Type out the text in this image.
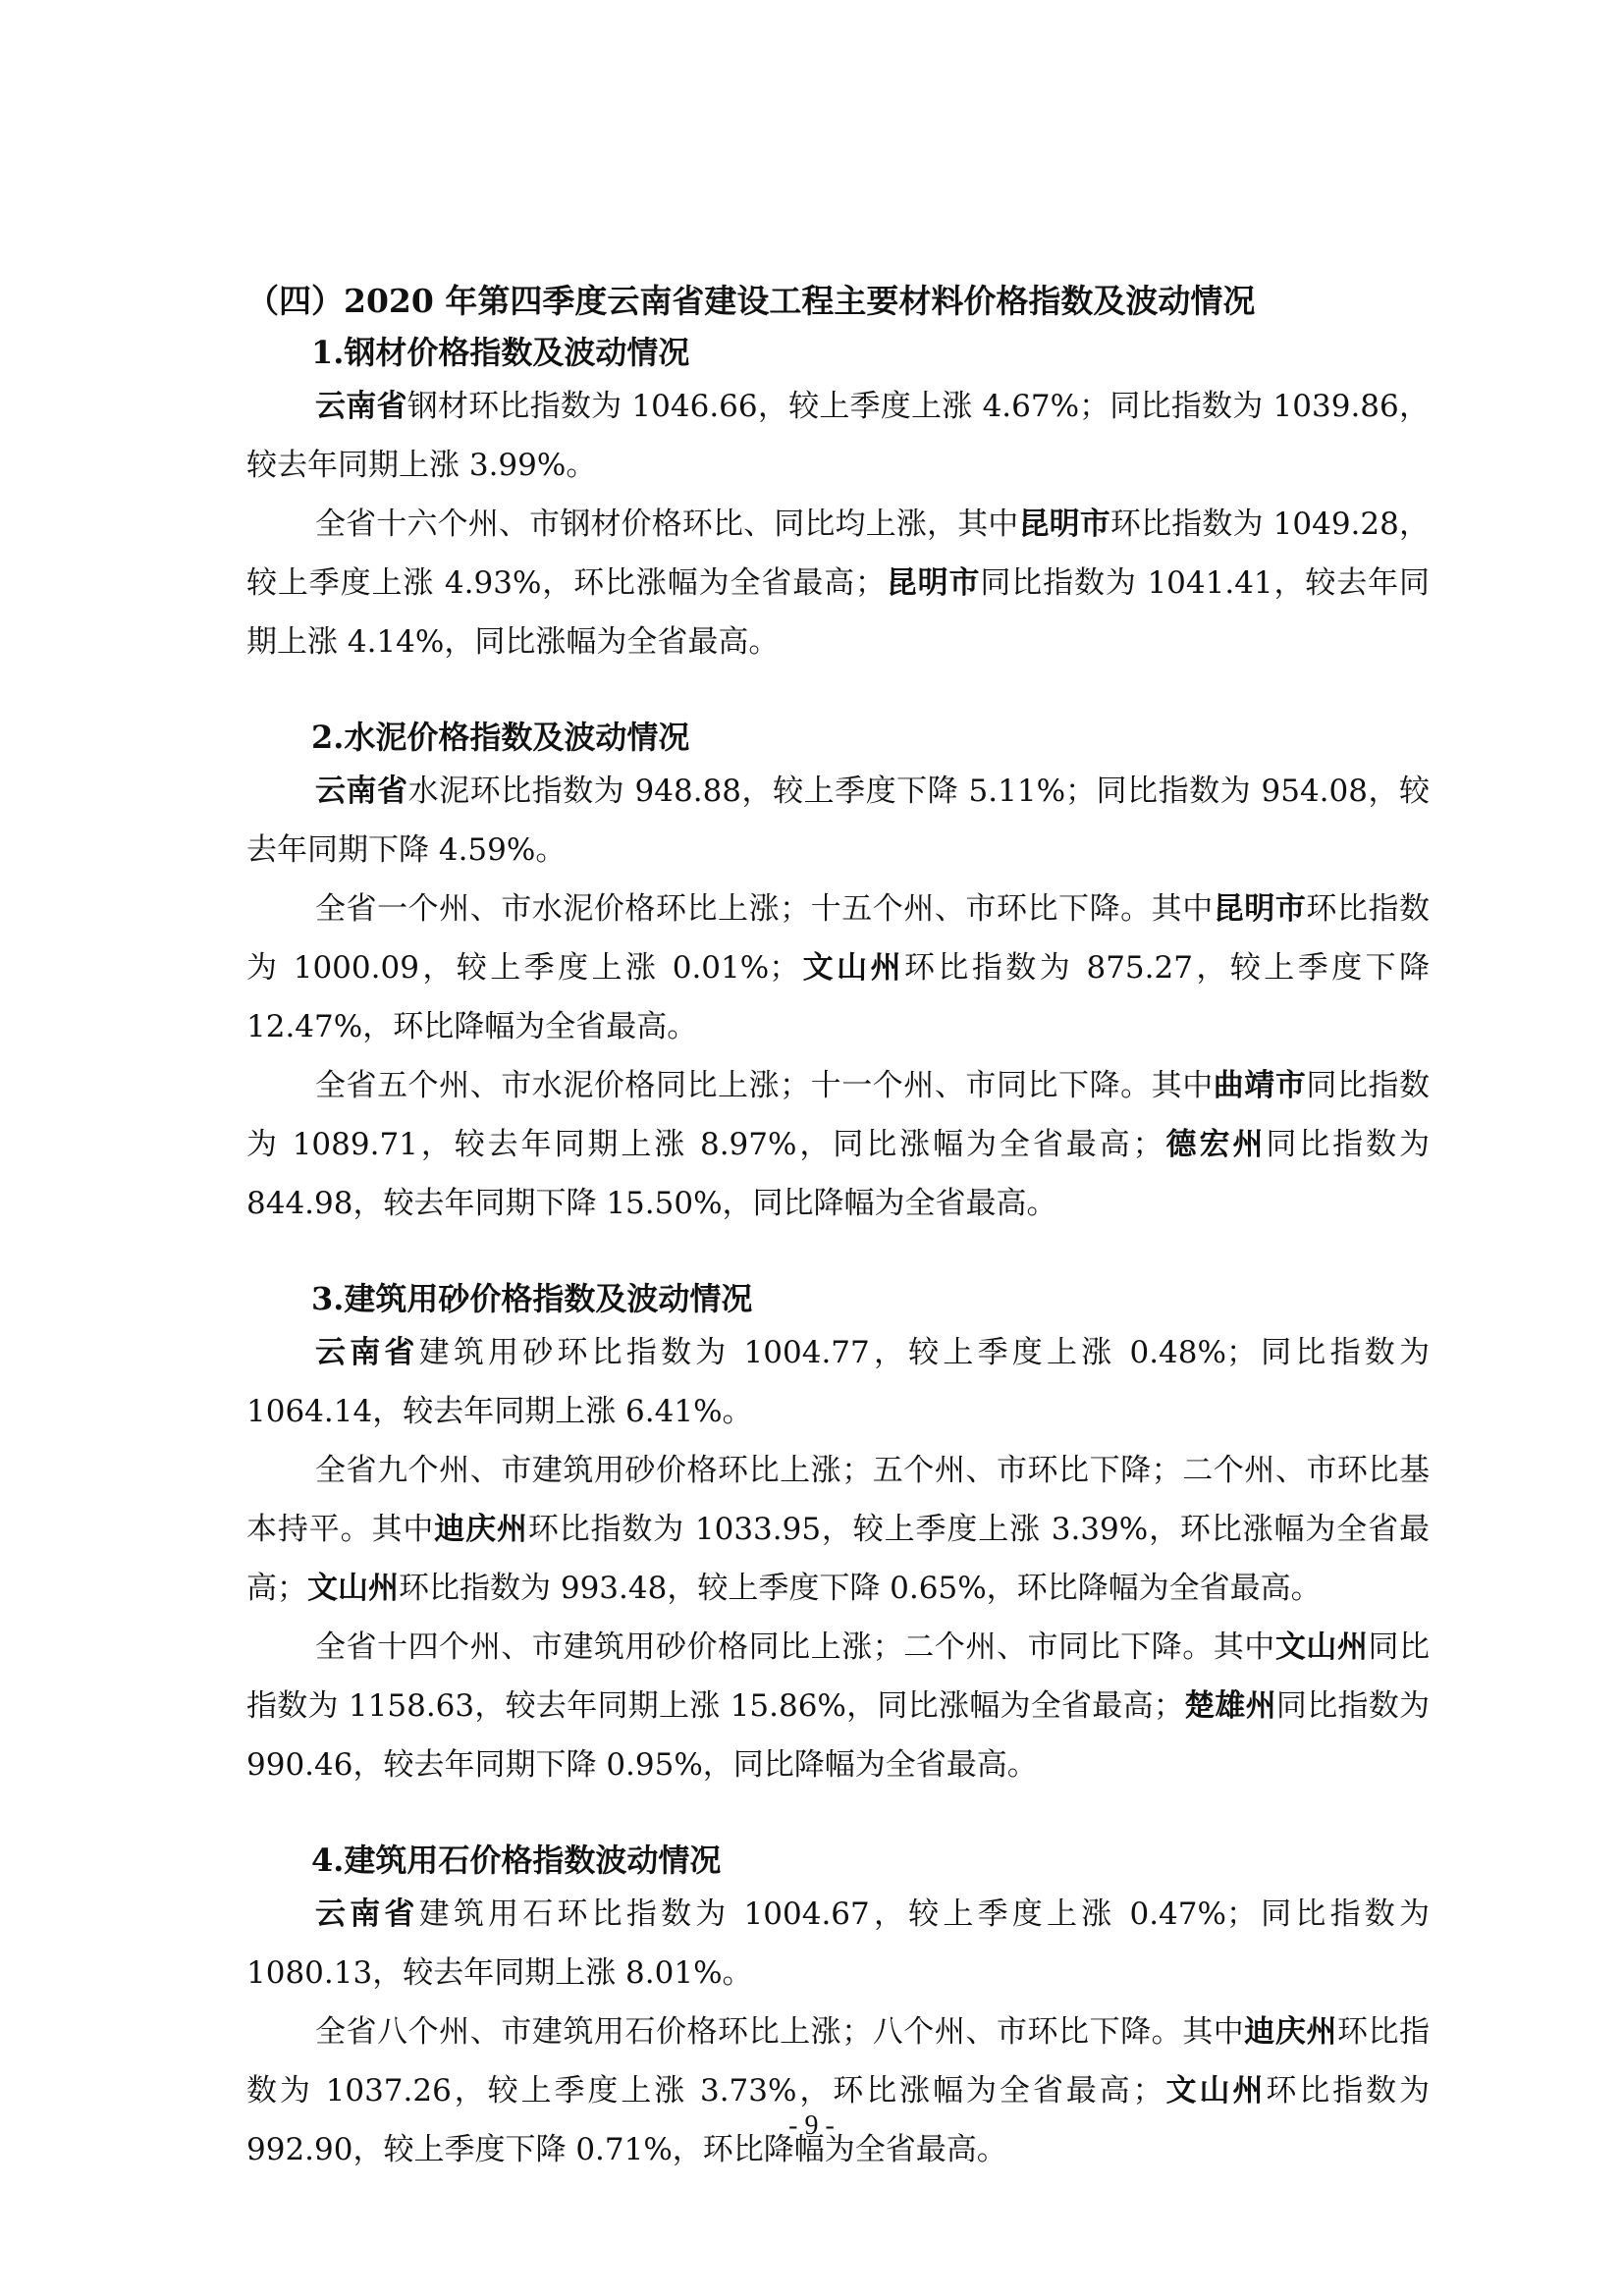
（四）2020 年第四季度云南省建设工程主要材料价格指数及波动情况
1.钢材价格指数及波动情况

云南省钢材环比指数为 1046.66，较上季度上涨 4.67%；同比指数为 1039.86，较去年同期上涨 3.99%。

全省十六个州、市钢材价格环比、同比均上涨，其中昆明市环比指数为 1049.28，较上季度上涨 4.93%，环比涨幅为全省最高；昆明市同比指数为 1041.41，较去年同期上涨 4.14%，同比涨幅为全省最高。

2.水泥价格指数及波动情况

云南省水泥环比指数为 948.88，较上季度下降 5.11%；同比指数为 954.08，较去年同期下降 4.59%。

全省一个州、市水泥价格环比上涨；十五个州、市环比下降。其中昆明市环比指数为 1000.09，较上季度上涨 0.01%；文山州环比指数为 875.27，较上季度下降 12.47%，环比降幅为全省最高。

全省五个州、市水泥价格同比上涨；十一个州、市同比下降。其中曲靖市同比指数为 1089.71，较去年同期上涨 8.97%，同比涨幅为全省最高；德宏州同比指数为 844.98，较去年同期下降 15.50%，同比降幅为全省最高。

3.建筑用砂价格指数及波动情况

云南省建筑用砂环比指数为 1004.77，较上季度上涨 0.48%；同比指数为 1064.14，较去年同期上涨 6.41%。

全省九个州、市建筑用砂价格环比上涨；五个州、市环比下降；二个州、市环比基本持平。其中迪庆州环比指数为 1033.95，较上季度上涨 3.39%，环比涨幅为全省最高；文山州环比指数为 993.48，较上季度下降 0.65%，环比降幅为全省最高。

全省十四个州、市建筑用砂价格同比上涨；二个州、市同比下降。其中文山州同比指数为 1158.63，较去年同期上涨 15.86%，同比涨幅为全省最高；楚雄州同比指数为 990.46，较去年同期下降 0.95%，同比降幅为全省最高。

4.建筑用石价格指数波动情况

云南省建筑用石环比指数为 1004.67，较上季度上涨 0.47%；同比指数为 1080.13，较去年同期上涨 8.01%。

全省八个州、市建筑用石价格环比上涨；八个州、市环比下降。其中迪庆州环比指数为 1037.26，较上季度上涨 3.73%，环比涨幅为全省最高；文山州环比指数为 992.90，较上季度下降 0.71%，环比降幅为全省最高。

- 9 -
